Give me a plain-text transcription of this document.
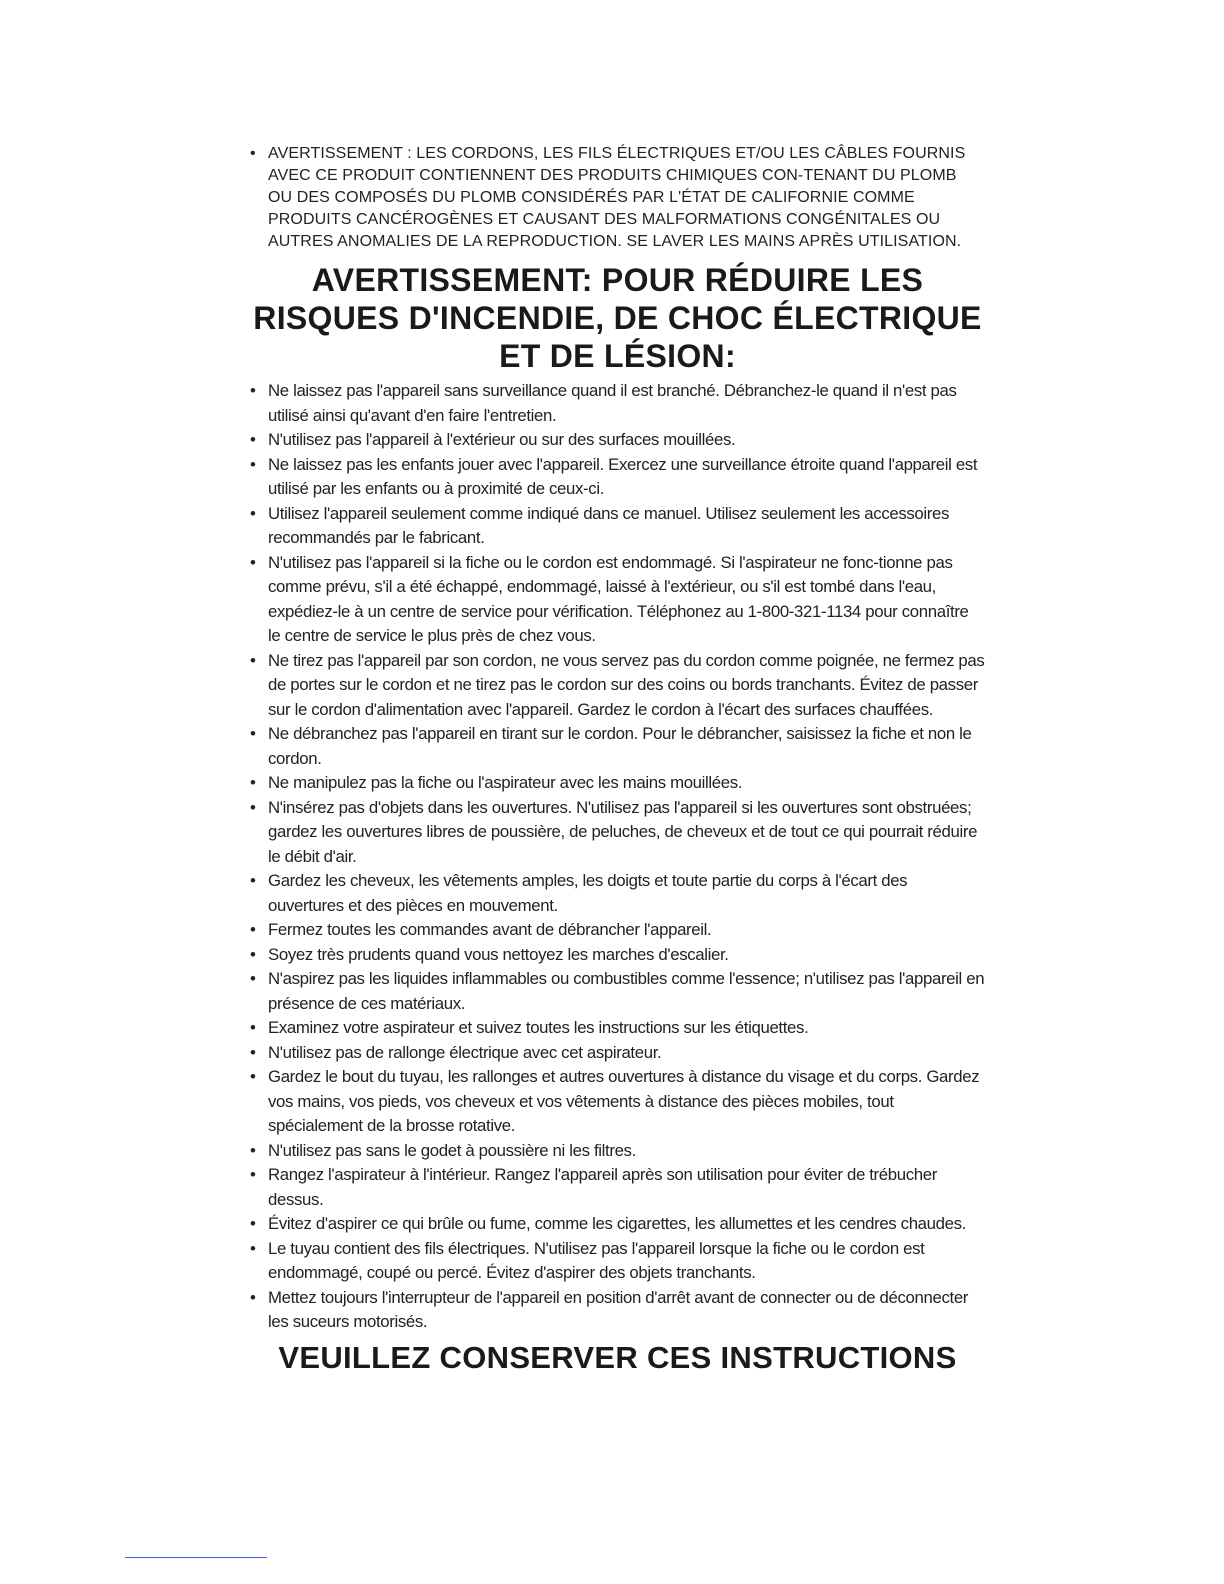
• AVERTISSEMENT : LES CORDONS, LES FILS ÉLECTRIQUES ET/OU LES CÂBLES FOURNIS AVEC CE PRODUIT CONTIENNENT DES PRODUITS CHIMIQUES CON-TENANT DU PLOMB OU DES COMPOSÉS DU PLOMB CONSIDÉRÉS PAR L'ÉTAT DE CALIFORNIE COMME PRODUITS CANCÉROGÈNES ET CAUSANT DES MALFORMATIONS CONGÉNITALES OU AUTRES ANOMALIES DE LA REPRODUCTION. SE LAVER LES MAINS APRÈS UTILISATION.
AVERTISSEMENT: POUR RÉDUIRE LES
RISQUES D'INCENDIE, DE CHOC ÉLECTRIQUE
ET DE LÉSION:
• Ne laissez pas l'appareil sans surveillance quand il est branché. Débranchez-le quand il n'est pas utilisé ainsi qu'avant d'en faire l'entretien.
• N'utilisez pas l'appareil à l'extérieur ou sur des surfaces mouillées.
• Ne laissez pas les enfants jouer avec l'appareil. Exercez une surveillance étroite quand l'appareil est utilisé par les enfants ou à proximité de ceux-ci.
• Utilisez l'appareil seulement comme indiqué dans ce manuel. Utilisez seulement les accessoires recommandés par le fabricant.
• N'utilisez pas l'appareil si la fiche ou le cordon est endommagé. Si l'aspirateur ne fonc-tionne pas comme prévu, s'il a été échappé, endommagé, laissé à l'extérieur, ou s'il est tombé dans l'eau, expédiez-le à un centre de service pour vérification. Téléphonez au 1-800-321-1134 pour connaître le centre de service le plus près de chez vous.
• Ne tirez pas l'appareil par son cordon, ne vous servez pas du cordon comme poignée, ne fermez pas de portes sur le cordon et ne tirez pas le cordon sur des coins ou bords tranchants. Évitez de passer sur le cordon d'alimentation avec l'appareil. Gardez le cordon à l'écart des surfaces chauffées.
• Ne débranchez pas l'appareil en tirant sur le cordon. Pour le débrancher, saisissez la fiche et non le cordon.
• Ne manipulez pas la fiche ou l'aspirateur avec les mains mouillées.
• N'insérez pas d'objets dans les ouvertures. N'utilisez pas l'appareil si les ouvertures sont obstruées; gardez les ouvertures libres de poussière, de peluches, de cheveux et de tout ce qui pourrait réduire le débit d'air.
• Gardez les cheveux, les vêtements amples, les doigts et toute partie du corps à l'écart des ouvertures et des pièces en mouvement.
• Fermez toutes les commandes avant de débrancher l'appareil.
• Soyez très prudents quand vous nettoyez les marches d'escalier.
• N'aspirez pas les liquides inflammables ou combustibles comme l'essence; n'utilisez pas l'appareil en présence de ces matériaux.
• Examinez votre aspirateur et suivez toutes les instructions sur les étiquettes.
• N'utilisez pas de rallonge électrique avec cet aspirateur.
• Gardez le bout du tuyau, les rallonges et autres ouvertures à distance du visage et du corps. Gardez vos mains, vos pieds, vos cheveux et vos vêtements à distance des pièces mobiles, tout spécialement de la brosse rotative.
• N'utilisez pas sans le godet à poussière ni les filtres.
• Rangez l'aspirateur à l'intérieur. Rangez l'appareil après son utilisation pour éviter de trébucher dessus.
• Évitez d'aspirer ce qui brûle ou fume, comme les cigarettes, les allumettes et les cendres chaudes.
• Le tuyau contient des fils électriques. N'utilisez pas l'appareil lorsque la fiche ou le cordon est endommagé, coupé ou percé. Évitez d'aspirer des objets tranchants.
• Mettez toujours l'interrupteur de l'appareil en position d'arrêt avant de connecter ou de déconnecter les suceurs motorisés.
VEUILLEZ CONSERVER CES INSTRUCTIONS
